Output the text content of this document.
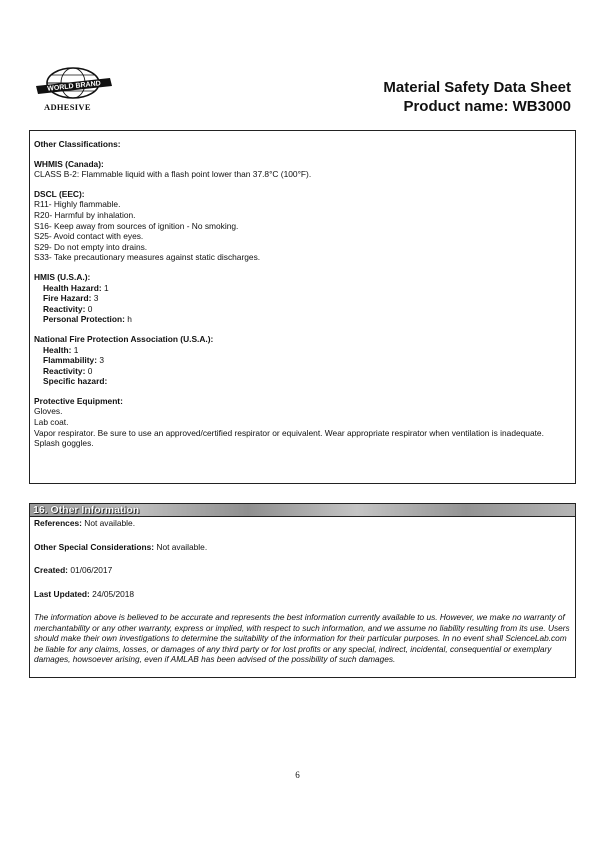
WORLD BRAND
ADHESIVE
Material Safety Data Sheet
Product name: WB3000
Other Classifications:
WHMIS (Canada):
CLASS B-2: Flammable liquid with a flash point lower than 37.8°C (100°F).
DSCL (EEC):
R11- Highly flammable.
R20- Harmful by inhalation.
S16- Keep away from sources of ignition - No smoking.
S25- Avoid contact with eyes.
S29- Do not empty into drains.
S33- Take precautionary measures against static discharges.
HMIS (U.S.A.):
Health Hazard: 1
Fire Hazard: 3
Reactivity: 0
Personal Protection: h
National Fire Protection Association (U.S.A.):
Health: 1
Flammability: 3
Reactivity: 0
Specific hazard:
Protective Equipment:
Gloves.
Lab coat.
Vapor respirator. Be sure to use an approved/certified respirator or equivalent. Wear appropriate respirator when ventilation is inadequate.
Splash goggles.
16. Other Information
References: Not available.
Other Special Considerations: Not available.
Created: 01/06/2017
Last Updated: 24/05/2018
The information above is believed to be accurate and represents the best information currently available to us. However, we make no warranty of merchantability or any other warranty, express or implied, with respect to such information, and we assume no liability resulting from its use. Users should make their own investigations to determine the suitability of the information for their particular purposes. In no event shall ScienceLab.com be liable for any claims, losses, or damages of any third party or for lost profits or any special, indirect, incidental, consequential or exemplary damages, howsoever arising, even if AMLAB has been advised of the possibility of such damages.
6
